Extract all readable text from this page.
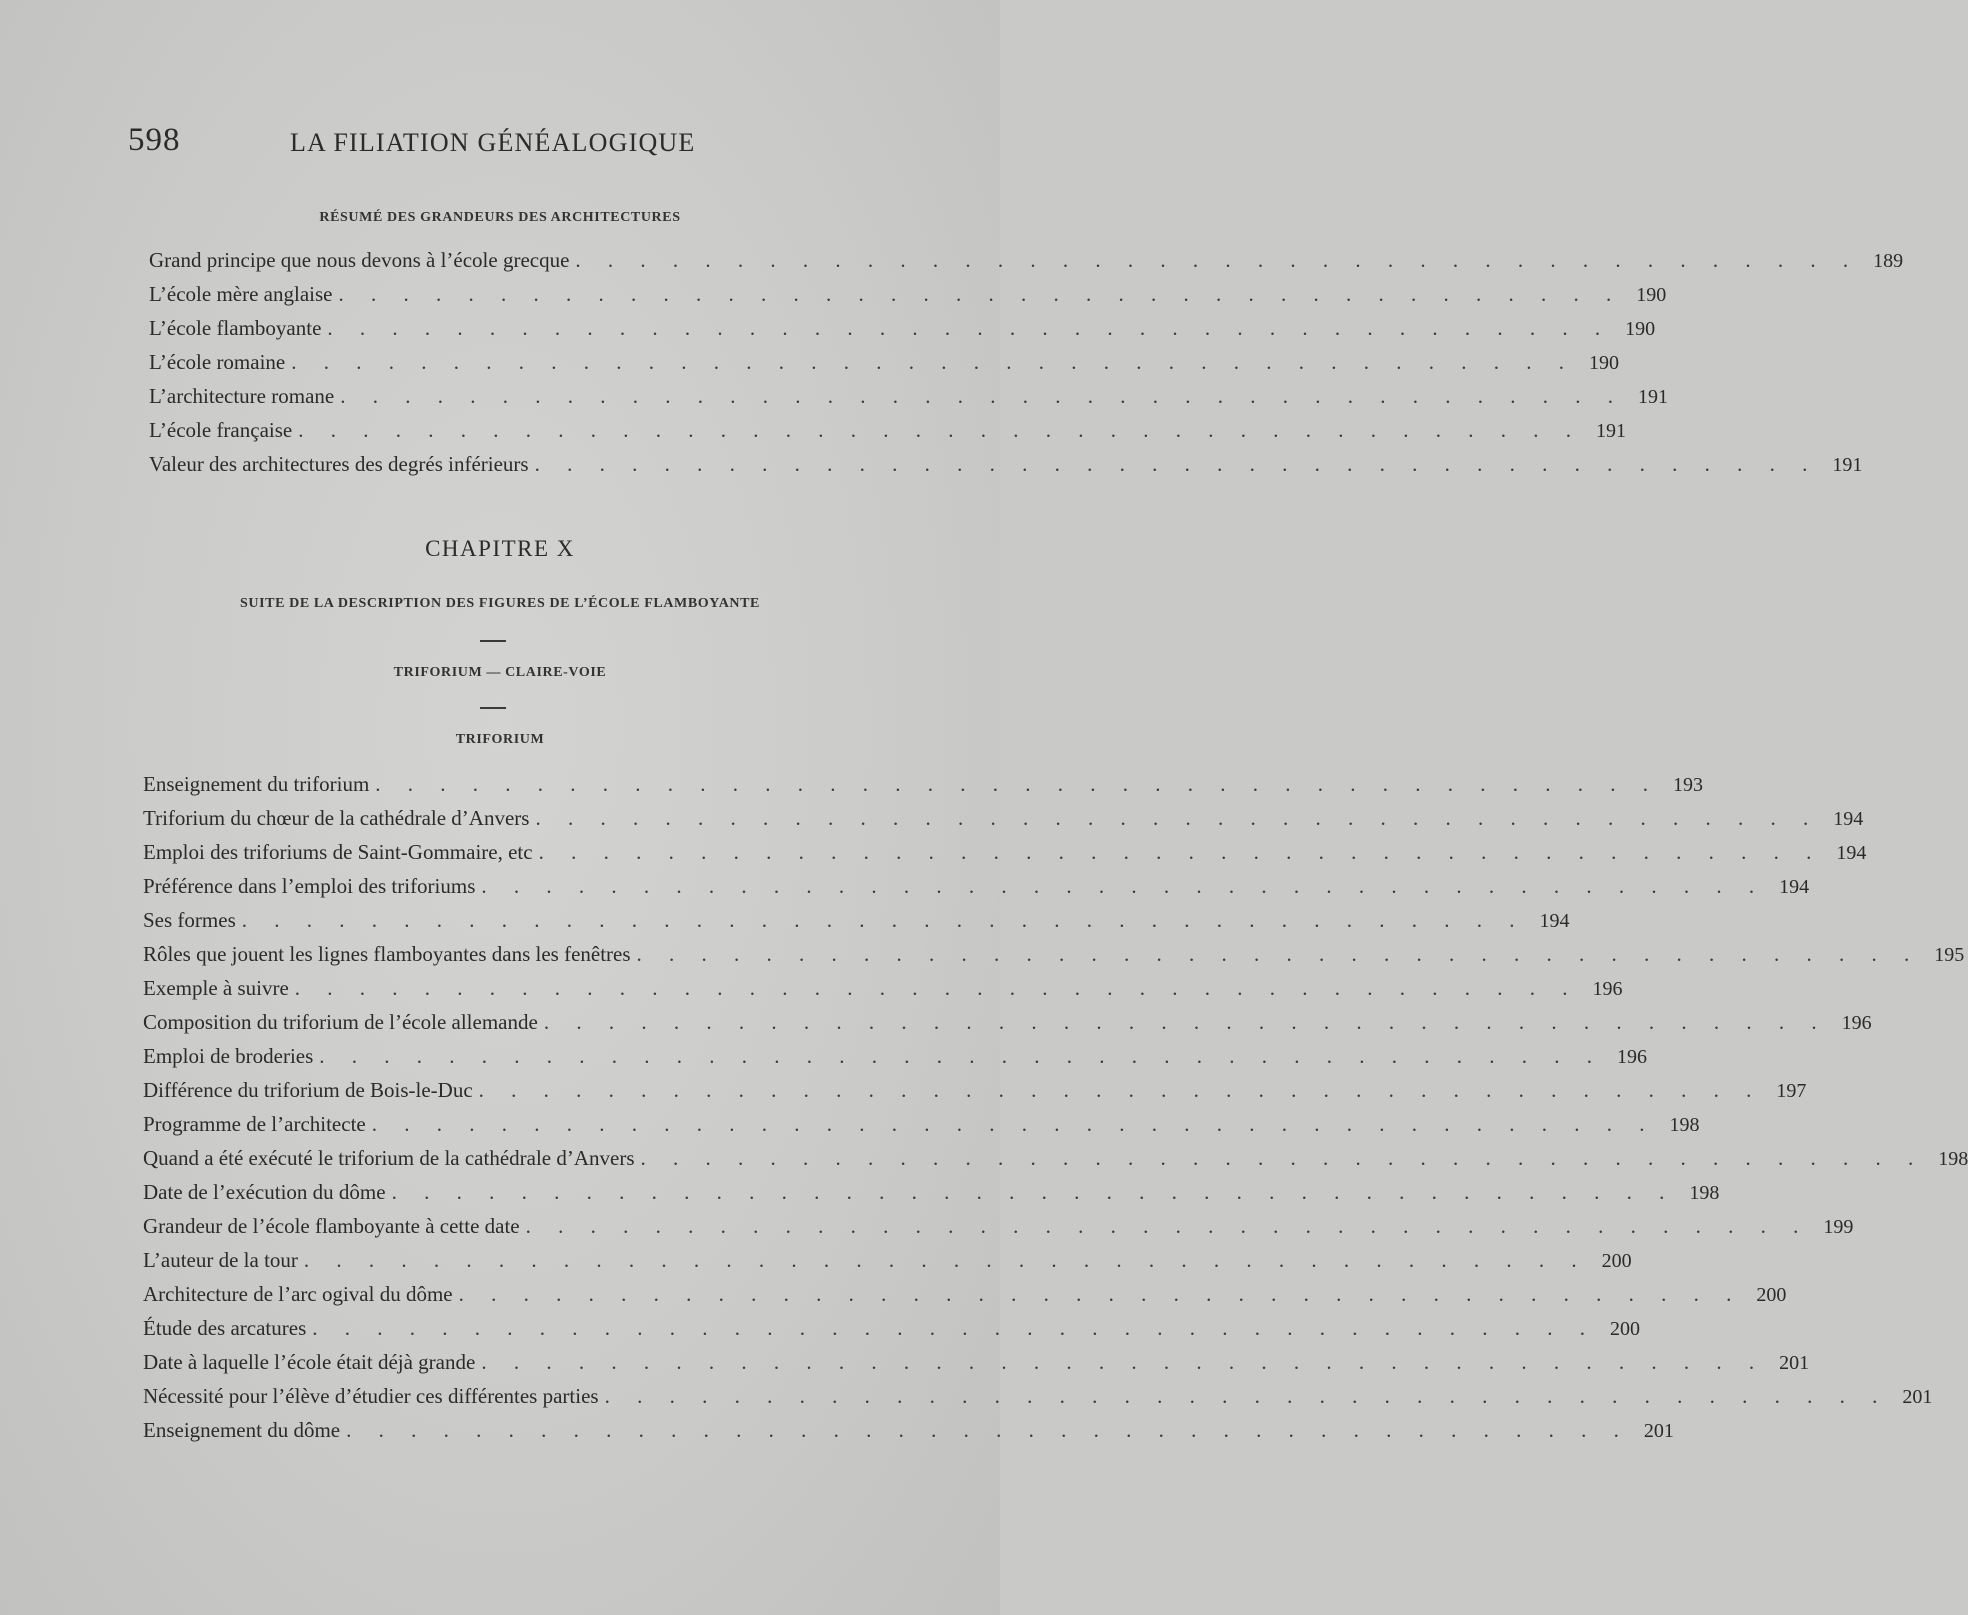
598	LA FILIATION GÉNÉALOGIQUE
RÉSUMÉ DES GRANDEURS DES ARCHITECTURES
Grand principe que nous devons à l’école grecque . . . . . . . . . . . . . . . . . . . . . . . . . . . . . . . . . . . . . . . . 189
L’école mère anglaise . . . . . . . . . . . . . . . . . . . . . . . . . . . . . . . . . . . . . . . . 190
L’école flamboyante . . . . . . . . . . . . . . . . . . . . . . . . . . . . . . . . . . . . . . . . 190
L’école romaine . . . . . . . . . . . . . . . . . . . . . . . . . . . . . . . . . . . . . . . . 190
L’architecture romane . . . . . . . . . . . . . . . . . . . . . . . . . . . . . . . . . . . . . . . . 191
L’école française . . . . . . . . . . . . . . . . . . . . . . . . . . . . . . . . . . . . . . . . 191
Valeur des architectures des degrés inférieurs . . . . . . . . . . . . . . . . . . . . . . . . . . . . . . . . . . . . . . . . 191
CHAPITRE X
SUITE DE LA DESCRIPTION DES FIGURES DE L’ÉCOLE FLAMBOYANTE
TRIFORIUM — CLAIRE-VOIE
TRIFORIUM
Enseignement du triforium . . . . . . . . . . . . . . . . . . . . . . . . . . . . . . . . . . . . . . . . 193
Triforium du chœur de la cathédrale d’Anvers . . . . . . . . . . . . . . . . . . . . . . . . . . . . . . . . . . . . . . . . 194
Emploi des triforiums de Saint-Gommaire, etc . . . . . . . . . . . . . . . . . . . . . . . . . . . . . . . . . . . . . . . . 194
Préférence dans l’emploi des triforiums . . . . . . . . . . . . . . . . . . . . . . . . . . . . . . . . . . . . . . . . 194
Ses formes . . . . . . . . . . . . . . . . . . . . . . . . . . . . . . . . . . . . . . . . 194
Rôles que jouent les lignes flamboyantes dans les fenêtres . . . . . . . . . . . . . . . . . . . . . . . . . . . . . . . . . . . . . . . . 195
Exemple à suivre . . . . . . . . . . . . . . . . . . . . . . . . . . . . . . . . . . . . . . . . 196
Composition du triforium de l’école allemande . . . . . . . . . . . . . . . . . . . . . . . . . . . . . . . . . . . . . . . . 196
Emploi de broderies . . . . . . . . . . . . . . . . . . . . . . . . . . . . . . . . . . . . . . . . 196
Différence du triforium de Bois-le-Duc . . . . . . . . . . . . . . . . . . . . . . . . . . . . . . . . . . . . . . . . 197
Programme de l’architecte . . . . . . . . . . . . . . . . . . . . . . . . . . . . . . . . . . . . . . . . 198
Quand a été exécuté le triforium de la cathédrale d’Anvers . . . . . . . . . . . . . . . . . . . . . . . . . . . . . . . . . . . . . . . . 198
Date de l’exécution du dôme . . . . . . . . . . . . . . . . . . . . . . . . . . . . . . . . . . . . . . . . 198
Grandeur de l’école flamboyante à cette date . . . . . . . . . . . . . . . . . . . . . . . . . . . . . . . . . . . . . . . . 199
L’auteur de la tour . . . . . . . . . . . . . . . . . . . . . . . . . . . . . . . . . . . . . . . . 200
Architecture de l’arc ogival du dôme . . . . . . . . . . . . . . . . . . . . . . . . . . . . . . . . . . . . . . . . 200
Étude des arcatures . . . . . . . . . . . . . . . . . . . . . . . . . . . . . . . . . . . . . . . . 200
Date à laquelle l’école était déjà grande . . . . . . . . . . . . . . . . . . . . . . . . . . . . . . . . . . . . . . . . 201
Nécessité pour l’élève d’étudier ces différentes parties . . . . . . . . . . . . . . . . . . . . . . . . . . . . . . . . . . . . . . . . 201
Enseignement du dôme . . . . . . . . . . . . . . . . . . . . . . . . . . . . . . . . . . . . . . . . 201
